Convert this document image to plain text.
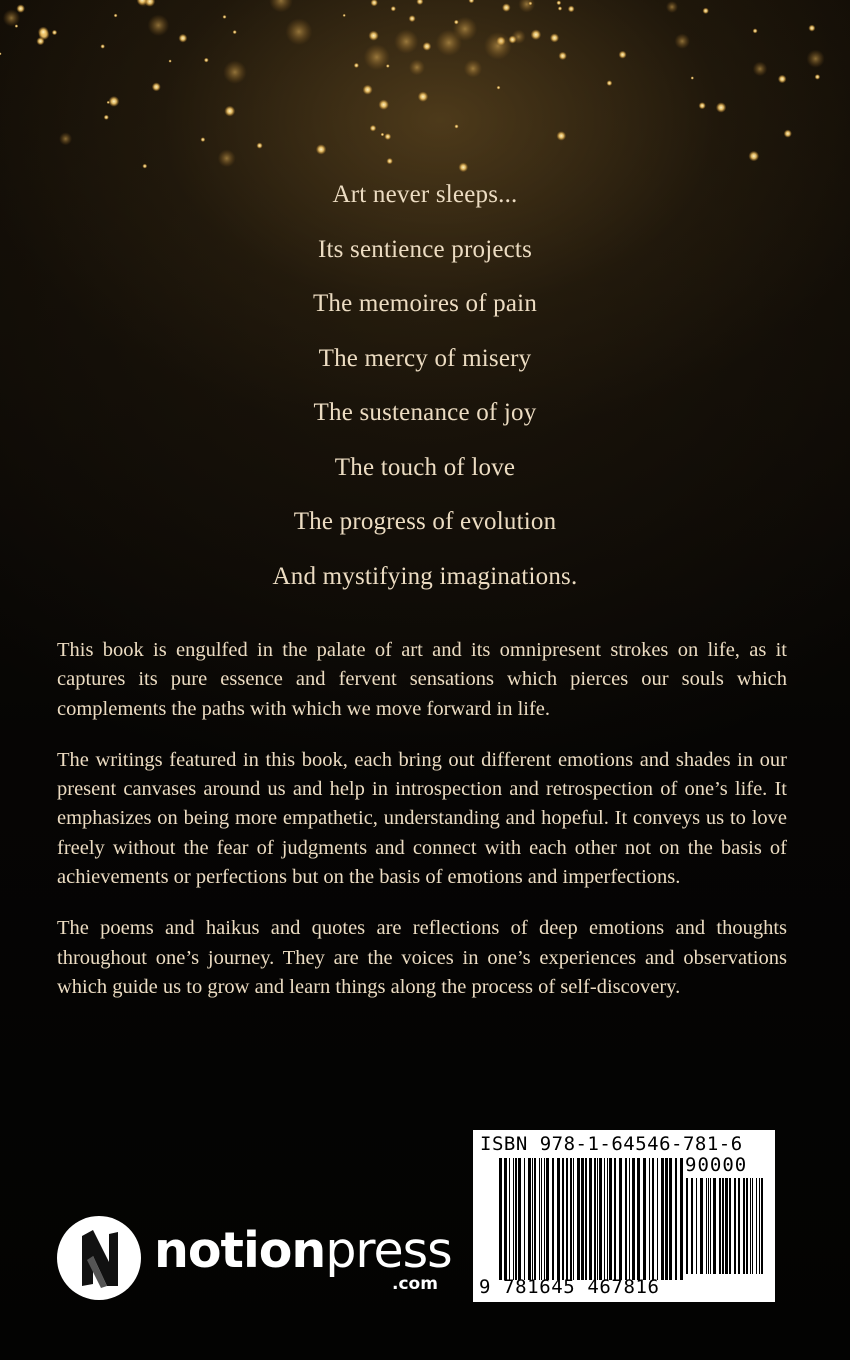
Art never sleeps...
Its sentience projects
The memoires of pain
The mercy of misery
The sustenance of joy
The touch of love
The progress of evolution
And mystifying imaginations.

This book is engulfed in the palate of art and its omnipresent strokes on life, as it captures its pure essence and fervent sensations which pierces our souls which complements the paths with which we move forward in life.

The writings featured in this book, each bring out different emotions and shades in our present canvases around us and help in introspection and retrospection of one’s life. It emphasizes on being more empathetic, understanding and hopeful. It conveys us to love freely without the fear of judgments and connect with each other not on the basis of achievements or perfections but on the basis of emotions and imperfections.

The poems and haikus and quotes are reflections of deep emotions and thoughts throughout one’s journey. They are the voices in one’s experiences and observations which guide us to grow and learn things along the process of self-discovery.

notionpress
.com
ISBN 978-1-64546-781-6
90000
9 781645 467816
